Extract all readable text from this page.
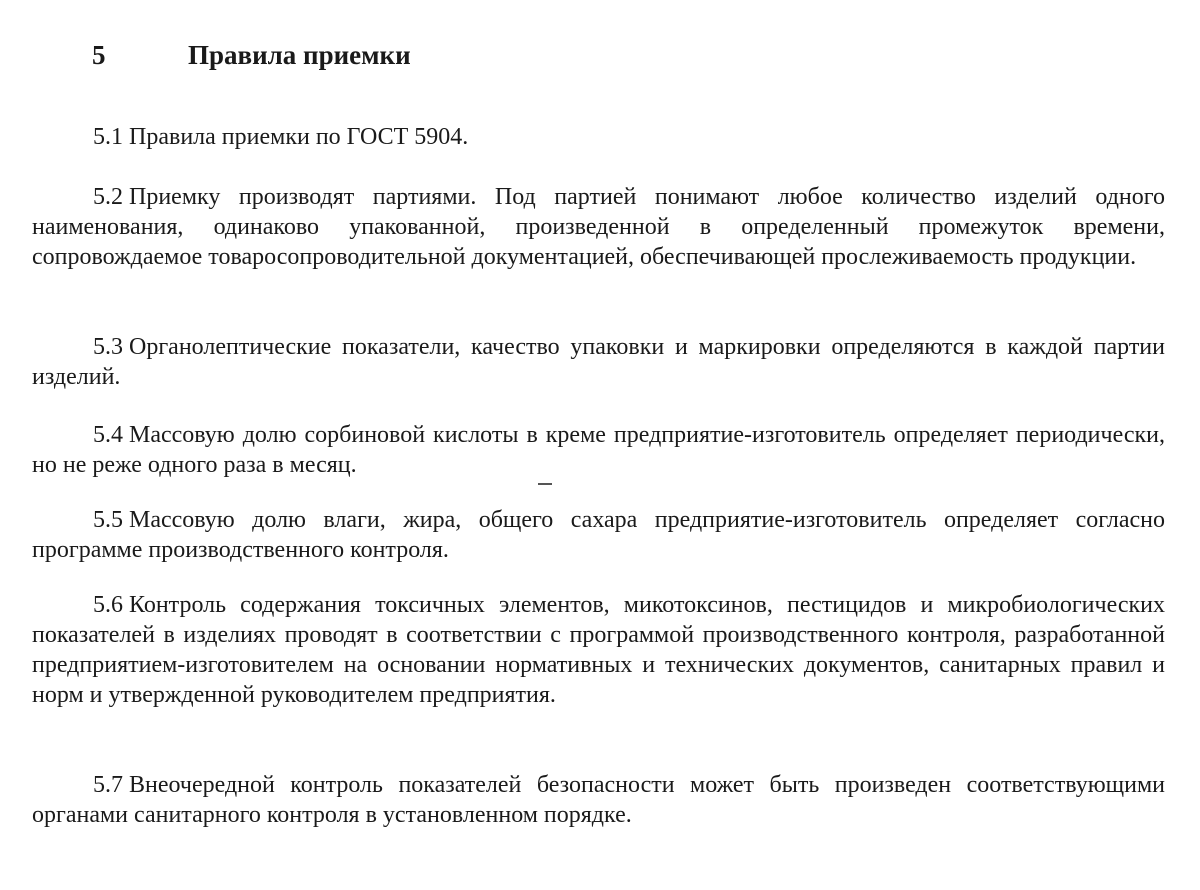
5	Правила приемки

5.1 Правила приемки по ГОСТ 5904.

5.2 Приемку производят партиями. Под партией понимают любое количество изделий одного наименования, одинаково упакованной, произведенной в определенный промежуток времени, сопровождаемое товаросопроводительной документацией, обеспечивающей прослеживаемость продукции.

5.3 Органолептические показатели, качество упаковки и маркировки определяются в каждой партии изделий.

5.4 Массовую долю сорбиновой кислоты в креме предприятие-изготовитель определяет периодически, но не реже одного раза в месяц.

5.5 Массовую долю влаги, жира, общего сахара предприятие-изготовитель определяет согласно программе производственного контроля.

5.6 Контроль содержания токсичных элементов, микотоксинов, пестицидов и микробиологических показателей в изделиях проводят в соответствии с программой производственного контроля, разработанной предприятием-изготовителем на основании нормативных и технических документов, санитарных правил и норм и утвержденной руководителем предприятия.

5.7 Внеочередной контроль показателей безопасности может быть произведен соответствующими органами санитарного контроля в установленном порядке.
